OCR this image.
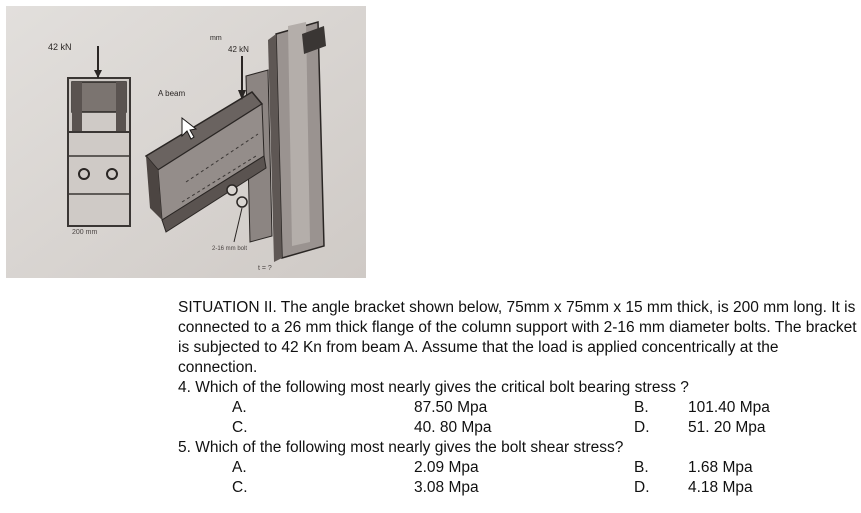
42 kN
200 mm
42 kN
mm
A beam
2-16 mm bolt
t = ?

SITUATION II. The angle bracket shown below, 75mm x 75mm x 15 mm thick, is 200 mm long. It is connected to a 26 mm thick flange of the column support with 2-16 mm diameter bolts. The bracket is subjected to 42 Kn from beam A. Assume that the load is applied concentrically at the connection.

4. Which of the following most nearly gives the critical bolt bearing stress ?

A.	87.50 Mpa	B.	101.40 Mpa
C.	40. 80 Mpa	D.	51. 20 Mpa

5. Which of the following most nearly gives the bolt shear stress?

A.	2.09 Mpa	B.	1.68 Mpa
C.	3.08 Mpa	D.	4.18 Mpa
